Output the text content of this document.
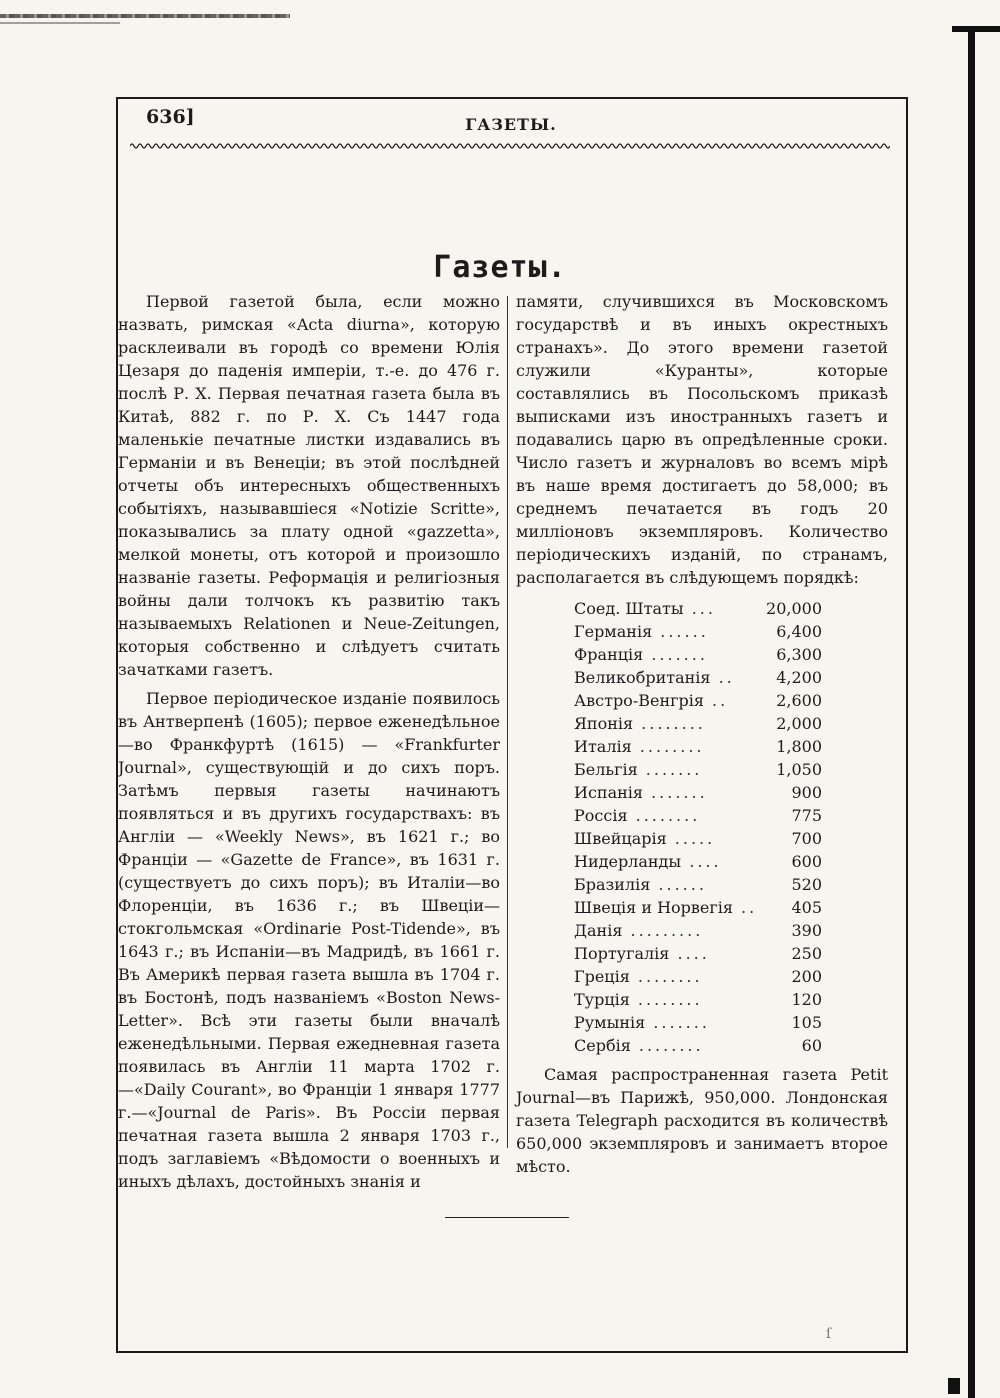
636]	ГАЗЕТЫ.
Газеты.

Первой газетой была, если можно назвать, римская «Acta diurna», которую расклеивали въ городѣ со времени Юлія Цезаря до паденія имперіи, т.-е. до 476 г. послѣ Р. Х. Первая печатная газета была въ Китаѣ, 882 г. по Р. Х. Съ 1447 года маленькіе печатные листки издавались въ Германіи и въ Венеціи; въ этой послѣдней отчеты объ интересныхъ общественныхъ событіяхъ, называвшіеся «Notizie Scritte», показывались за плату одной «gazzetta», мелкой монеты, отъ которой и произошло названіе газеты. Реформація и религіозныя войны дали толчокъ къ развитію такъ называемыхъ Relationen и Neue-Zeitungen, которыя собственно и слѣдуетъ считать зачатками газетъ.

Первое періодическое изданіе появилось въ Антверпенѣ (1605); первое еженедѣльное—во Франкфуртѣ (1615) — «Frankfurter Journal», существующій и до сихъ поръ. Затѣмъ первыя газеты начинаютъ появляться и въ другихъ государствахъ: въ Англіи — «Weekly News», въ 1621 г.; во Франціи — «Gazette de France», въ 1631 г. (существуетъ до сихъ поръ); въ Италіи—во Флоренціи, въ 1636 г.; въ Швеціи—стокгольмская «Ordinarie Post-Tidende», въ 1643 г.; въ Испаніи—въ Мадридѣ, въ 1661 г. Въ Америкѣ первая газета вышла въ 1704 г. въ Бостонѣ, подъ названіемъ «Boston News-Letter». Всѣ эти газеты были вначалѣ еженедѣльными. Первая ежедневная газета появилась въ Англіи 11 марта 1702 г.—«Daily Courant», во Франціи 1 января 1777 г.—«Journal de Paris». Въ Россіи первая печатная газета вышла 2 января 1703 г., подъ заглавіемъ «Вѣдомости о военныхъ и иныхъ дѣлахъ, достойныхъ знанія и

памяти, случившихся въ Московскомъ государствѣ и въ иныхъ окрестныхъ странахъ». До этого времени газетой служили «Куранты», которые составлялись въ Посольскомъ приказѣ выписками изъ иностранныхъ газетъ и подавались царю въ опредѣленные сроки. Число газетъ и журналовъ во всемъ мірѣ въ наше время достигаетъ до 58,000; въ среднемъ печатается въ годъ 20 милліоновъ экземпляровъ. Количество періодическихъ изданій, по странамъ, располагается въ слѣдующемъ порядкѣ:

Соед. Штаты ...	20,000
Германія ......	6,400
Франція .......	6,300
Великобританія ..	4,200
Австро-Венгрія ..	2,600
Японія ........	2,000
Италія ........	1,800
Бельгія .......	1,050
Испанія .......	900
Россія ........	775
Швейцарія .....	700
Нидерланды ....	600
Бразилія ......	520
Швеція и Норвегія ..	405
Данія .........	390
Португалія ....	250
Греція ........	200
Турція ........	120
Румынія .......	105
Сербія ........	60

Самая распространенная газета Petit Journal—въ Парижѣ, 950,000. Лондонская газета Telegraph расходится въ количествѣ 650,000 экземпляровъ и занимаетъ второе мѣсто.

ſ
